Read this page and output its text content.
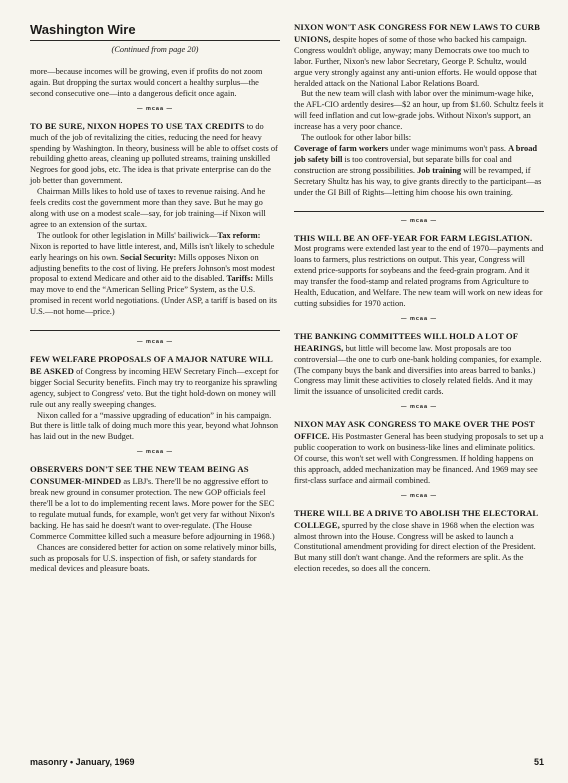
Washington Wire
(Continued from page 20)

more—because incomes will be growing, even if profits do not zoom again. But dropping the surtax would concert a healthy surplus—the second consecutive one—into a dangerous deficit once again.

— mcaa —

TO BE SURE, NIXON HOPES TO USE TAX CREDITS to do much of the job of revitalizing the cities, reducing the need for heavy spending by Washington. In theory, business will be able to offset costs of rebuilding ghetto areas, cleaning up polluted streams, training unskilled Negroes for good jobs, etc. The idea is that private enterprise can do the job better than government.

Chairman Mills likes to hold use of taxes to revenue raising. And he feels credits cost the government more than they save. But he may go along with use on a modest scale—say, for job training—if Nixon will agree to an extension of the surtax.

The outlook for other legislation in Mills' bailiwick—Tax reform: Nixon is reported to have little interest, and, Mills isn't likely to schedule early hearings on his own. Social Security: Mills opposes Nixon on adjusting benefits to the cost of living. He prefers Johnson's most modest proposal to extend Medicare and other aid to the disabled. Tariffs: Mills may move to end the “American Selling Price” System, as the U.S. promised in recent world negotiations. (Under ASP, a tariff is based on its U.S.—not home—price.)

— mcaa —

FEW WELFARE PROPOSALS OF A MAJOR NATURE WILL BE ASKED of Congress by incoming HEW Secretary Finch—except for bigger Social Security benefits. Finch may try to reorganize his sprawling agency, subject to Congress' veto. But the tight hold-down on money will rule out any really sweeping changes.

Nixon called for a “massive upgrading of education” in his campaign. But there is little talk of doing much more this year, beyond what Johnson has laid out in the new Budget.

— mcaa —

OBSERVERS DON'T SEE THE NEW TEAM BEING AS CONSUMER-MINDED as LBJ's. There'll be no aggressive effort to break new ground in consumer protection. The new GOP officials feel there'll be a lot to do implementing recent laws. More power for the SEC to regulate mutual funds, for example, won't get very far without Nixon's backing. He has said he doesn't want to over-regulate. (The House Commerce Committee killed such a measure before adjourning in 1968.)

Chances are considered better for action on some relatively minor bills, such as proposals for U.S. inspection of fish, or safety standards for medical devices and pleasure boats.

NIXON WON'T ASK CONGRESS FOR NEW LAWS TO CURB UNIONS, despite hopes of some of those who backed his campaign. Congress wouldn't oblige, anyway; many Democrats owe too much to labor. Further, Nixon's new labor Secretary, George P. Schultz, would argue very strongly against any anti-union efforts. He would oppose that heralded attack on the National Labor Relations Board.

But the new team will clash with labor over the minimum-wage hike, the AFL-CIO ardently desires—$2 an hour, up from $1.60. Schultz feels it will feed inflation and cut low-grade jobs. Without Nixon's support, an increase has a very poor chance.

The outlook for other labor bills:

Coverage of farm workers under wage minimums won't pass. A broad job safety bill is too controversial, but separate bills for coal and construction are strong possibilities. Job training will be revamped, if Secretary Shultz has his way, to give grants directly to the participant—as under the GI Bill of Rights—letting him choose his own training.

— mcaa —

THIS WILL BE AN OFF-YEAR FOR FARM LEGISLATION. Most programs were extended last year to the end of 1970—payments and loans to farmers, plus restrictions on output. This year, Congress will extend price-supports for soybeans and the feed-grain program. And it may transfer the food-stamp and related programs from Agriculture to Health, Education, and Welfare. The new team will work on new ideas for cutting subsidies for 1970 action.

— mcaa —

THE BANKING COMMITTEES WILL HOLD A LOT OF HEARINGS, but little will become law. Most proposals are too controversial—the one to curb one-bank holding companies, for example. (The company buys the bank and diversifies into areas barred to banks.) Congress may limit these activities to closely related fields. And it may limit the issuance of unsolicited credit cards.

— mcaa —

NIXON MAY ASK CONGRESS TO MAKE OVER THE POST OFFICE. His Postmaster General has been studying proposals to set up a public cooperation to work on business-like lines and eliminate politics. Of course, this won't set well with Congressmen. If holding happens on this approach, added mechanization may be financed. And 1969 may see first-class surface and airmail combined.

— mcaa —

THERE WILL BE A DRIVE TO ABOLISH THE ELECTORAL COLLEGE, spurred by the close shave in 1968 when the election was almost thrown into the House. Congress will be asked to launch a Constitutional amendment providing for direct election of the President. But many still don't want change. And the reformers are split. As the election recedes, so does all the concern.

masonry • January, 1969	51
